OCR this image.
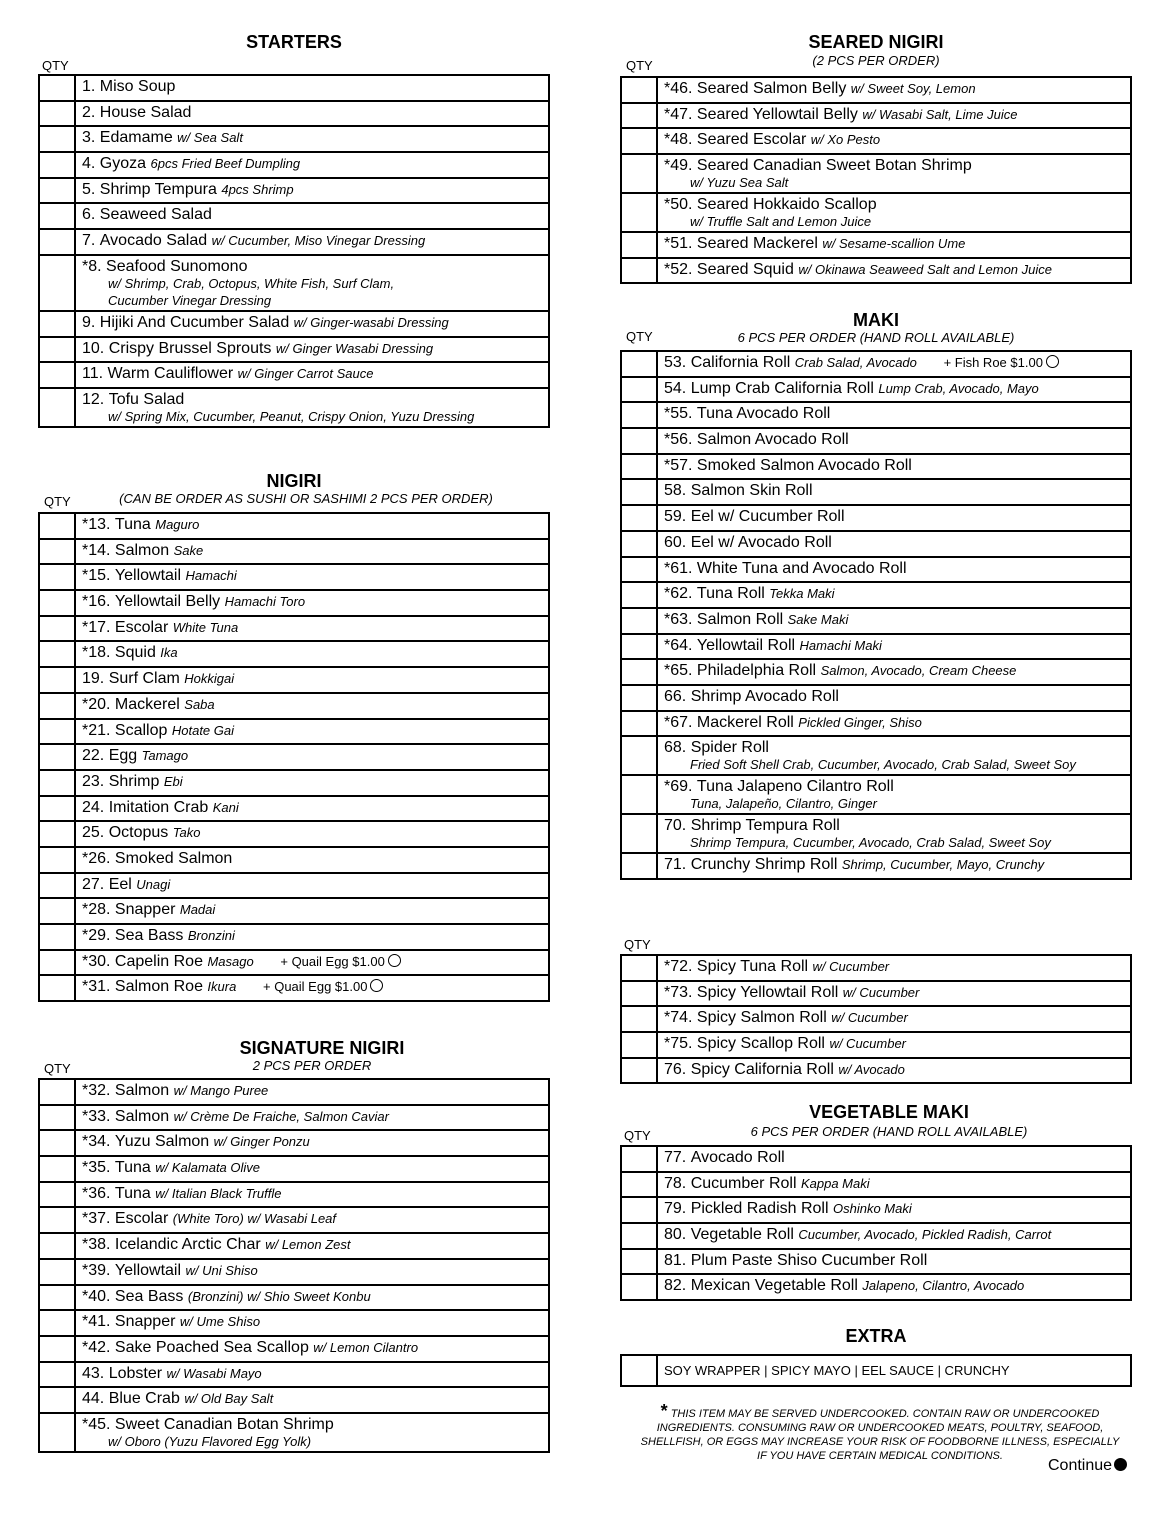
STARTERS
QTY
	1. Miso Soup
	2. House Salad
	3. Edamame w/ Sea Salt
	4. Gyoza 6pcs Fried Beef Dumpling
	5. Shrimp Tempura 4pcs Shrimp
	6. Seaweed Salad
	7. Avocado Salad w/ Cucumber, Miso Vinegar Dressing
	*8. Seafood Sunomono
w/ Shrimp, Crab, Octopus, White Fish, Surf Clam,
Cucumber Vinegar Dressing

	9. Hijiki And Cucumber Salad w/ Ginger-wasabi Dressing
	10. Crispy Brussel Sprouts w/ Ginger Wasabi Dressing
	11. Warm Cauliflower w/ Ginger Carrot Sauce
	12. Tofu Salad
w/ Spring Mix, Cucumber, Peanut, Crispy Onion, Yuzu Dressing
NIGIRI
QTY	(CAN BE ORDER AS SUSHI OR SASHIMI 2 PCS PER ORDER)
	*13. Tuna Maguro
	*14. Salmon Sake
	*15. Yellowtail Hamachi
	*16. Yellowtail Belly Hamachi Toro
	*17. Escolar White Tuna
	*18. Squid Ika
	19. Surf Clam Hokkigai
	*20. Mackerel Saba
	*21. Scallop Hotate Gai
	22. Egg Tamago
	23. Shrimp Ebi
	24. Imitation Crab Kani
	25. Octopus Tako
	*26. Smoked Salmon
	27. Eel Unagi
	*28. Snapper Madai
	*29. Sea Bass Bronzini
	*30. Capelin Roe Masago + Quail Egg $1.00
	*31. Salmon Roe Ikura + Quail Egg $1.00
SIGNATURE NIGIRI
2 PCS PER ORDER
QTY
	*32. Salmon w/ Mango Puree
	*33. Salmon w/ Crème De Fraiche, Salmon Caviar
	*34. Yuzu Salmon w/ Ginger Ponzu
	*35. Tuna w/ Kalamata Olive
	*36. Tuna w/ Italian Black Truffle
	*37. Escolar (White Toro) w/ Wasabi Leaf
	*38. Icelandic Arctic Char w/ Lemon Zest
	*39. Yellowtail w/ Uni Shiso
	*40. Sea Bass (Bronzini) w/ Shio Sweet Konbu
	*41. Snapper w/ Ume Shiso
	*42. Sake Poached Sea Scallop w/ Lemon Cilantro
	43. Lobster w/ Wasabi Mayo
	44. Blue Crab w/ Old Bay Salt
	*45. Sweet Canadian Botan Shrimp
w/ Oboro (Yuzu Flavored Egg Yolk)
SEARED NIGIRI
(2 PCS PER ORDER)
QTY
	*46. Seared Salmon Belly w/ Sweet Soy, Lemon
	*47. Seared Yellowtail Belly w/ Wasabi Salt, Lime Juice
	*48. Seared Escolar w/ Xo Pesto
	*49. Seared Canadian Sweet Botan Shrimp
w/ Yuzu Sea Salt

	*50. Seared Hokkaido Scallop
w/ Truffle Salt and Lemon Juice

	*51. Seared Mackerel w/ Sesame-scallion Ume
	*52. Seared Squid w/ Okinawa Seaweed Salt and Lemon Juice
MAKI
QTY	6 PCS PER ORDER (HAND ROLL AVAILABLE)
	53. California Roll Crab Salad, Avocado + Fish Roe $1.00
	54. Lump Crab California Roll Lump Crab, Avocado, Mayo
	*55. Tuna Avocado Roll
	*56. Salmon Avocado Roll
	*57. Smoked Salmon Avocado Roll
	58. Salmon Skin Roll
	59. Eel w/ Cucumber Roll
	60. Eel w/ Avocado Roll
	*61. White Tuna and Avocado Roll
	*62. Tuna Roll Tekka Maki
	*63. Salmon Roll Sake Maki
	*64. Yellowtail Roll Hamachi Maki
	*65. Philadelphia Roll Salmon, Avocado, Cream Cheese
	66. Shrimp Avocado Roll
	*67. Mackerel Roll Pickled Ginger, Shiso
	68. Spider Roll
Fried Soft Shell Crab, Cucumber, Avocado, Crab Salad, Sweet Soy

	*69. Tuna Jalapeno Cilantro Roll
Tuna, Jalapeño, Cilantro, Ginger

	70. Shrimp Tempura Roll
Shrimp Tempura, Cucumber, Avocado, Crab Salad, Sweet Soy

	71. Crunchy Shrimp Roll Shrimp, Cucumber, Mayo, Crunchy
QTY
	*72. Spicy Tuna Roll w/ Cucumber
	*73. Spicy Yellowtail Roll w/ Cucumber
	*74. Spicy Salmon Roll w/ Cucumber
	*75. Spicy Scallop Roll w/ Cucumber
	76. Spicy California Roll w/ Avocado
VEGETABLE MAKI
6 PCS PER ORDER (HAND ROLL AVAILABLE)
QTY
	77. Avocado Roll
	78. Cucumber Roll Kappa Maki
	79. Pickled Radish Roll Oshinko Maki
	80. Vegetable Roll Cucumber, Avocado, Pickled Radish, Carrot
	81. Plum Paste Shiso Cucumber Roll
	82. Mexican Vegetable Roll Jalapeno, Cilantro, Avocado
EXTRA
	SOY WRAPPER | SPICY MAYO | EEL SAUCE | CRUNCHY
* THIS ITEM MAY BE SERVED UNDERCOOKED. CONTAIN RAW OR UNDERCOOKED
INGREDIENTS. CONSUMING RAW OR UNDERCOOKED MEATS, POULTRY, SEAFOOD,
SHELLFISH, OR EGGS MAY INCREASE YOUR RISK OF FOODBORNE ILLNESS, ESPECIALLY
IF YOU HAVE CERTAIN MEDICAL CONDITIONS.
Continue
